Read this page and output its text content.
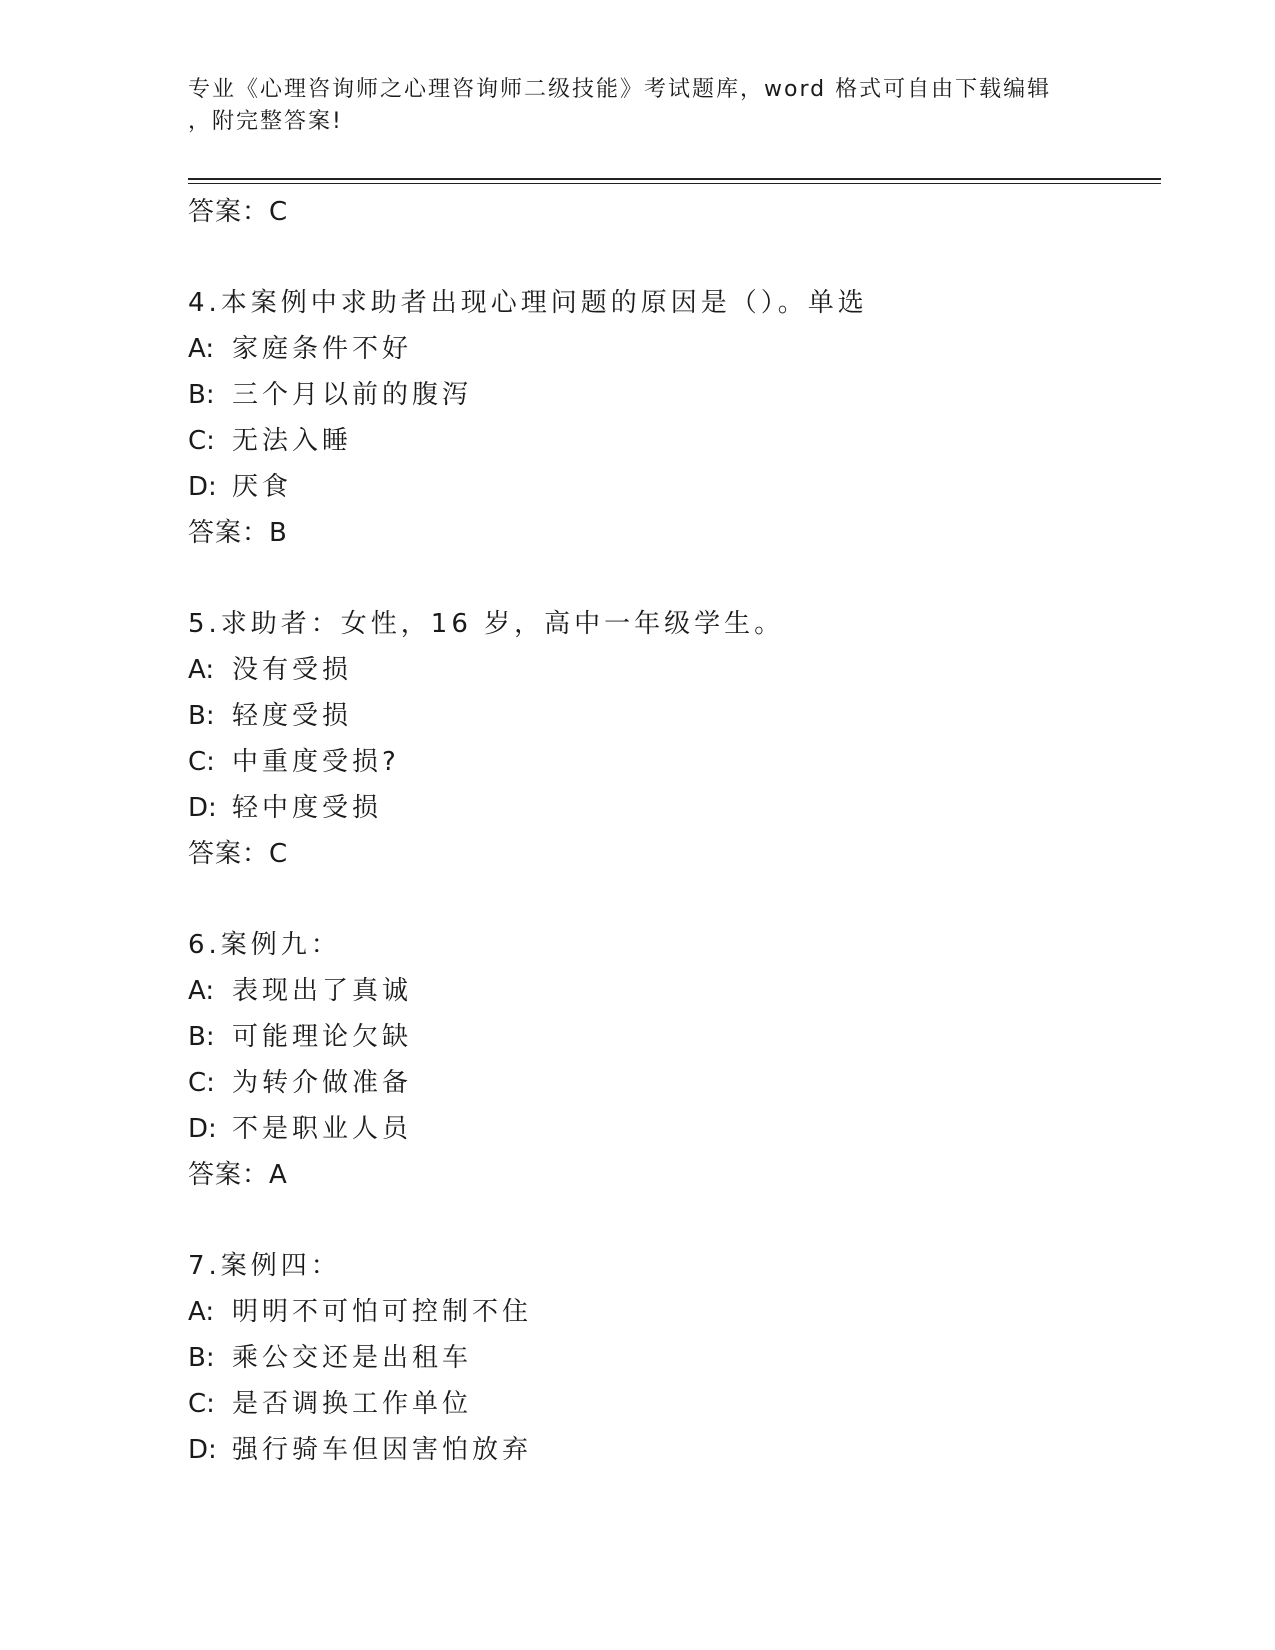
专业《心理咨询师之心理咨询师二级技能》考试题库，word 格式可自由下载编辑
，附完整答案!
答案：C
4.本案例中求助者出现心理问题的原因是（）。单选
A: 家庭条件不好
B: 三个月以前的腹泻
C: 无法入睡
D: 厌食
答案：B
5.求助者：女性，16 岁，高中一年级学生。
A: 没有受损
B: 轻度受损
C: 中重度受损?
D: 轻中度受损
答案：C
6.案例九：
A: 表现出了真诚
B: 可能理论欠缺
C: 为转介做准备
D: 不是职业人员
答案：A
7.案例四：
A: 明明不可怕可控制不住
B: 乘公交还是出租车
C: 是否调换工作单位
D: 强行骑车但因害怕放弃
